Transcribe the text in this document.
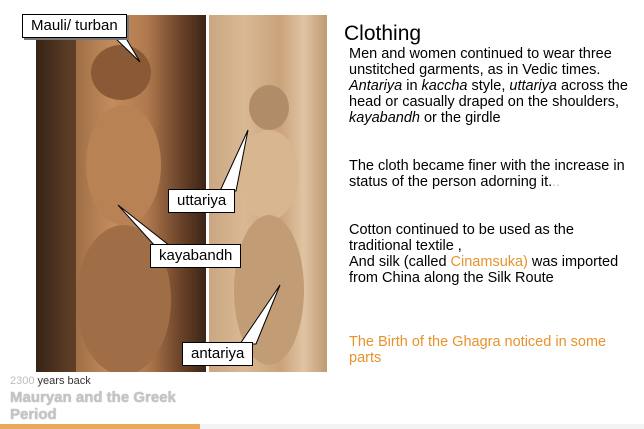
Mauli/ turban
uttariya
kayabandh
antariya
Clothing
Men and women continued to wear three unstitched garments, as in Vedic times. Antariya in kaccha style, uttariya across the head or casually draped on the shoulders, kayabandh or the girdle
The cloth became finer with the increase in status of the person adorning it...
Cotton continued to be used as the traditional textile ,
And silk (called Cinamsuka) was imported from China along the Silk Route
The Birth of the Ghagra noticed in some parts
2300 years back
Mauryan and the Greek Period
